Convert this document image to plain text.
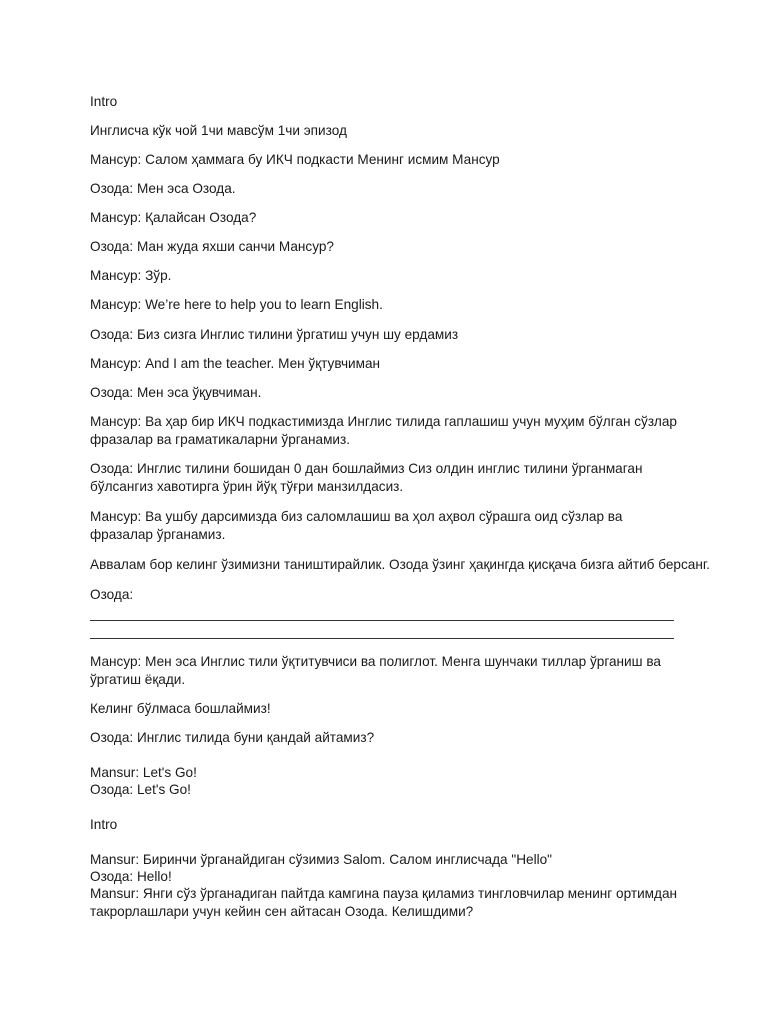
Intro

Инглисча кўк чой 1чи мавсўм 1чи эпизод

Мансур: Салом ҳаммага бу ИКЧ подкасти Менинг исмим Мансур

Озода: Мен эса Озода.

Мансур: Қалайсан Озода?

Озода: Ман жуда яхши санчи Мансур?

Мансур: Зўр.

Мансур: We’re here to help you to learn English.

Озода: Биз сизга Инглис тилини ўргатиш учун шу ердамиз

Мансур: And I am the teacher. Мен ўқтувчиман

Озода: Мен эса ўқувчиман.

Мансур: Ва ҳар бир ИКЧ подкастимизда Инглис тилида гаплашиш учун муҳим бўлган сўзлар фразалар ва граматикаларни ўрганамиз.

Озода: Инглис тилини бошидан 0 дан бошлаймиз Сиз олдин инглис тилини ўрганмаган бўлсангиз хавотирга ўрин йўқ тўғри манзилдасиз.

Мансур: Ва ушбу дарсимизда биз саломлашиш ва ҳол аҳвол сўрашга оид сўзлар ва фразалар ўрганамиз.

Аввалам бор келинг ўзимизни таништирайлик. Озода ўзинг ҳақингда қисқача бизга айтиб берсанг.

Озода:

Мансур: Мен эса Инглис тили ўқтитувчиси ва полиглот. Менга шунчаки тиллар ўрганиш ва ўргатиш ёқади.

Келинг бўлмаса бошлаймиз!

Озода: Инглис тилида буни қандай айтамиз?

Mansur: Let's Go!

Озода: Let's Go!

Intro

Mansur: Биринчи ўрганайдиган сўзимиз Salom. Салом инглисчада "Hello"

Озода: Hello!

Mansur: Янги сўз ўрганадиган пайтда камгина пауза қиламиз тингловчилар менинг ортимдан такрорлашлари учун кейин сен айтасан Озода. Келишдими?
